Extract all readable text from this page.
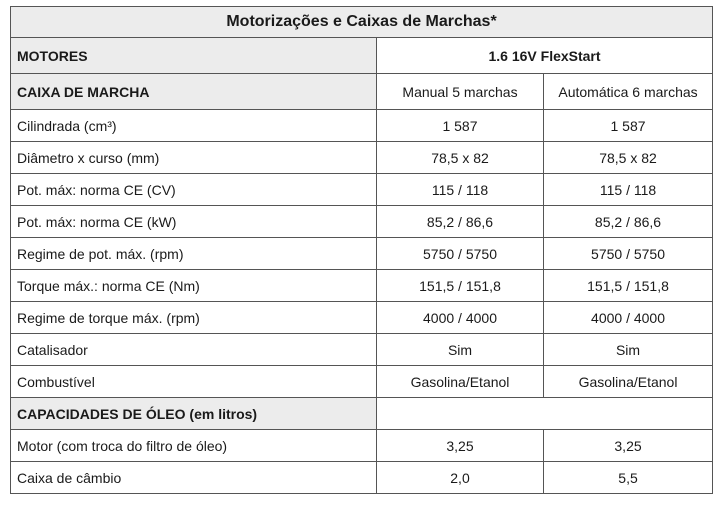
Motorizações e Caixas de Marchas*		
MOTORES	1.6 16V FlexStart	
CAIXA DE MARCHA	Manual 5 marchas	Automática 6 marchas
Cilindrada (cm³)	1 587	1 587
Diâmetro x curso (mm)	78,5 x 82	78,5 x 82
Pot. máx: norma CE (CV)	115 / 118	115 / 118
Pot. máx: norma CE (kW)	85,2 / 86,6	85,2 / 86,6
Regime de pot. máx. (rpm)	5750 / 5750	5750 / 5750
Torque máx.: norma CE (Nm)	151,5 / 151,8	151,5 / 151,8
Regime de torque máx. (rpm)	4000 / 4000	4000 / 4000
Catalisador	Sim	Sim
Combustível	Gasolina/Etanol	Gasolina/Etanol
CAPACIDADES DE ÓLEO (em litros)		
Motor (com troca do filtro de óleo)	3,25	3,25
Caixa de câmbio	2,0	5,5
